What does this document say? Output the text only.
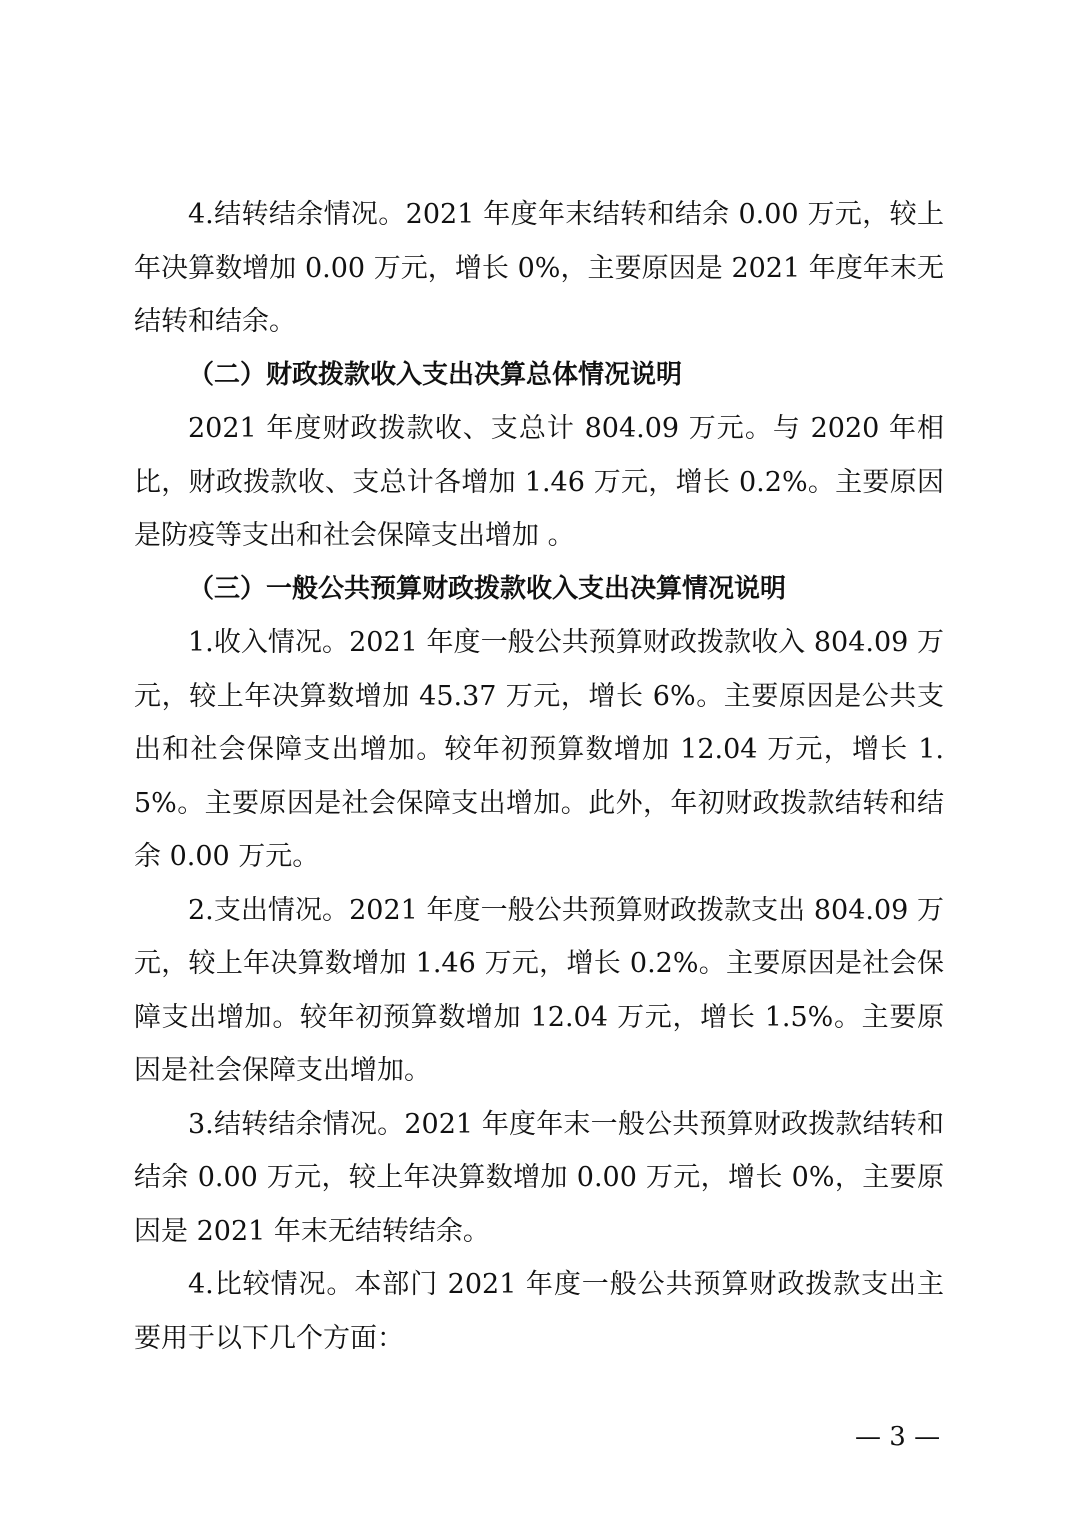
4.结转结余情况。2021 年度年末结转和结余 0.00 万元，较上年决算数增加 0.00 万元，增长 0%，主要原因是 2021 年度年末无结转和结余。

（二）财政拨款收入支出决算总体情况说明

2021 年度财政拨款收、支总计 804.09 万元。与 2020 年相比，财政拨款收、支总计各增加 1.46 万元，增长 0.2%。主要原因是防疫等支出和社会保障支出增加 。

（三）一般公共预算财政拨款收入支出决算情况说明

1.收入情况。2021 年度一般公共预算财政拨款收入 804.09 万元，较上年决算数增加 45.37 万元，增长 6%。主要原因是公共支出和社会保障支出增加。较年初预算数增加 12.04 万元，增长 1.5%。主要原因是社会保障支出增加。此外，年初财政拨款结转和结余 0.00 万元。

2.支出情况。2021 年度一般公共预算财政拨款支出 804.09 万元，较上年决算数增加 1.46 万元，增长 0.2%。主要原因是社会保障支出增加。较年初预算数增加 12.04 万元，增长 1.5%。主要原因是社会保障支出增加。

3.结转结余情况。2021 年度年末一般公共预算财政拨款结转和结余 0.00 万元，较上年决算数增加 0.00 万元，增长 0%，主要原因是 2021 年末无结转结余。

4.比较情况。本部门 2021 年度一般公共预算财政拨款支出主要用于以下几个方面：

— 3 —
